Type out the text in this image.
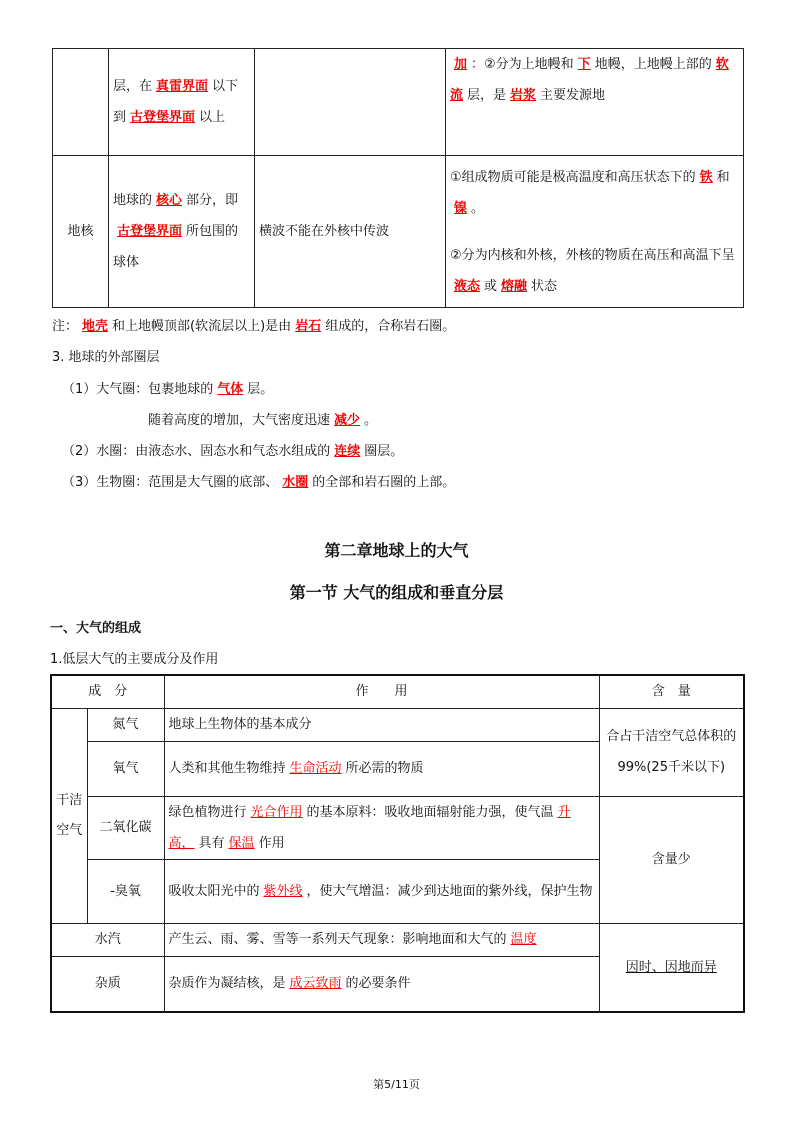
	层，在 真雷界面 以下到 古登堡界面 以上		加 ：②分为上地幔和 下 地幔，上地幔上部的 软流 层，是 岩浆 主要发源地
地核	地球的 核心 部分，即古登堡界面 所包围的球体	横波不能在外核中传波	①组成物质可能是极高温度和高压状态下的 铁 和镍 。
②分为内核和外核，外核的物质在高压和高温下呈液态 或 熔融 状态
注： 地壳 和上地幔顶部(软流层以上)是由 岩石 组成的，合称岩石圈。
3. 地球的外部圈层
（1）大气圈：包裹地球的 气体 层。
随着高度的增加，大气密度迅速 减少 。
（2）水圈：由液态水、固态水和气态水组成的 连续 圈层。
（3）生物圈：范围是大气圈的底部、 水圈 的全部和岩石圈的上部。
第二章地球上的大气
第一节 大气的组成和垂直分层
一、大气的组成
1.低层大气的主要成分及作用
成　分		作　　用	含　量
干洁空气	氮气	地球上生物体的基本成分	合占干洁空气总体积的99%(25千米以下)
	氧气	人类和其他生物维持 生命活动 所必需的物质	
	二氧化碳	绿色植物进行 光合作用 的基本原料：吸收地面辐射能力强，使气温 升高， 具有 保温 作用	含量少
	-臭氧	吸收太阳光中的 紫外线 ，使大气增温：减少到达地面的紫外线，保护生物	
水汽		产生云、雨、雾、雪等一系列天气现象：影响地面和大气的 温度	因时、因地而异
杂质		杂质作为凝结核，是 成云致雨 的必要条件	
第5/11页
